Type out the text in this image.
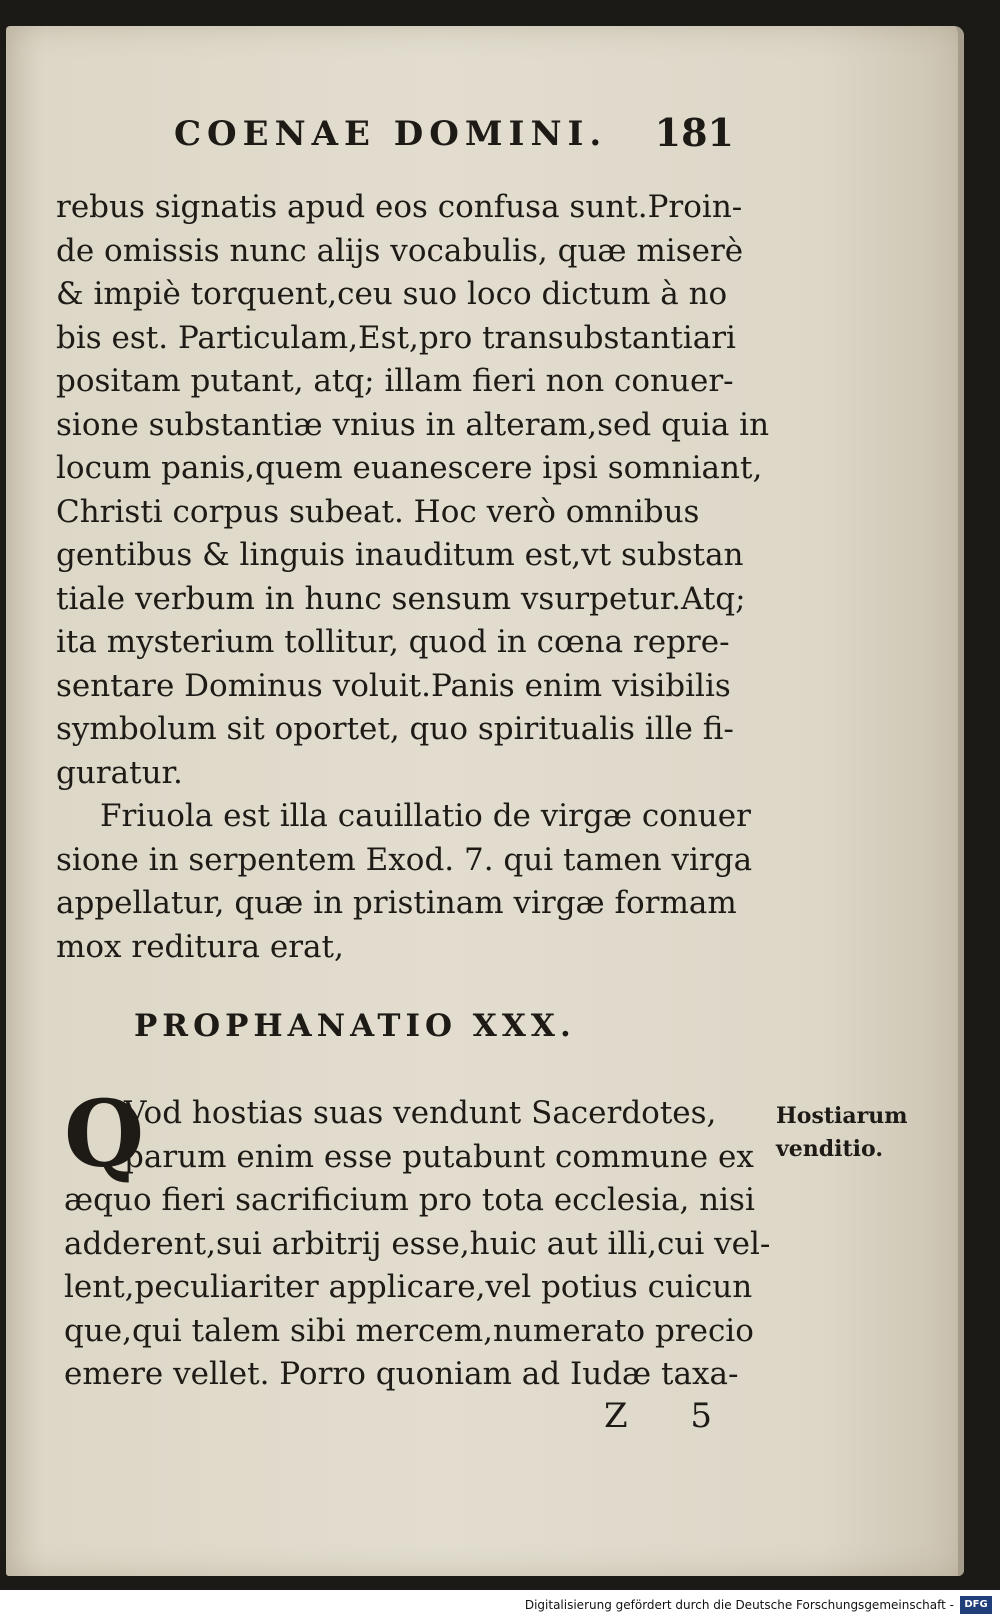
COENAE DOMINI. 181
rebus signatis apud eos confusa sunt.Proin-
de omissis nunc alijs vocabulis, quæ miserè
& impiè torquent,ceu suo loco dictum à no
bis est. Particulam,Est,pro transubstantiari
positam putant, atq; illam fieri non conuer-
sione substantiæ vnius in alteram,sed quia in
locum panis,quem euanescere ipsi somniant,
Christi corpus subeat. Hoc verò omnibus
gentibus & linguis inauditum est,vt substan
tiale verbum in hunc sensum vsurpetur.Atq;
ita mysterium tollitur, quod in cœna repre-
sentare Dominus voluit.Panis enim visibilis
symbolum sit oportet, quo spiritualis ille fi-
guratur.
Friuola est illa cauillatio de virgæ conuer
sione in serpentem Exod. 7. qui tamen virga
appellatur, quæ in pristinam virgæ formam
mox reditura erat,
PROPHANATIO XXX.
Q
Vod hostias suas vendunt Sacerdotes,
parum enim esse putabunt commune ex
æquo fieri sacrificium pro tota ecclesia, nisi
adderent,sui arbitrij esse,huic aut illi,cui vel-
lent,peculiariter applicare,vel potius cuicun
que,qui talem sibi mercem,numerato precio
emere vellet. Porro quoniam ad Iudæ taxa-
Hostiarum
venditio.
Z 5
Digitalisierung gefördert durch die Deutsche Forschungsgemeinschaft -	DFG
